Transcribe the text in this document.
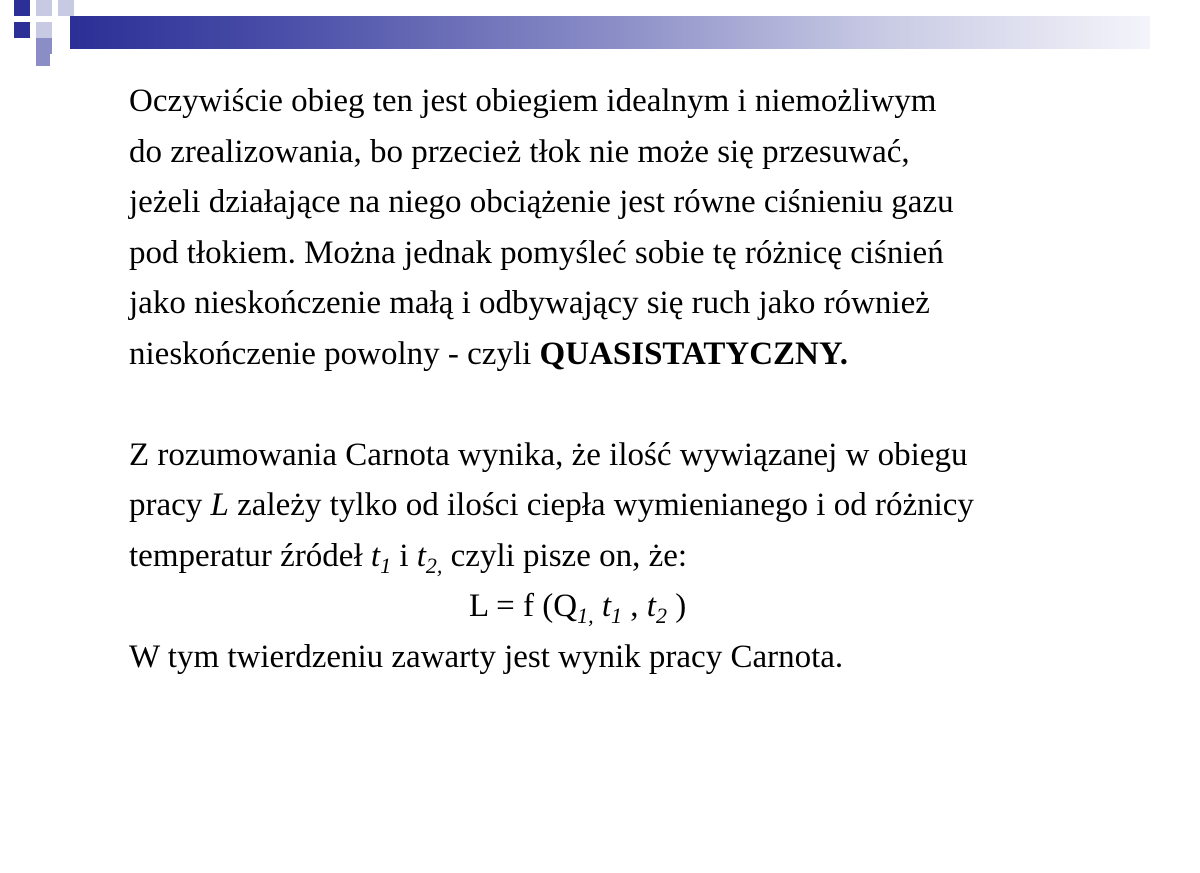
Oczywiście obieg ten jest obiegiem idealnym i niemożliwym

do zrealizowania, bo przecież tłok nie może się przesuwać,

jeżeli działające na niego obciążenie jest równe ciśnieniu gazu

pod tłokiem. Można jednak pomyśleć sobie tę różnicę ciśnień

jako nieskończenie małą i odbywający się ruch jako również

nieskończenie powolny - czyli QUASISTATYCZNY.

Z rozumowania Carnota wynika, że ilość wywiązanej w obiegu

pracy L zależy tylko od ilości ciepła wymienianego i od różnicy

temperatur źródeł $t_1$ i $t_{2,}$ czyli pisze on, że:

L = f ($Q_{1,}$ $t_1$ , $t_2$ )

W tym twierdzeniu zawarty jest wynik pracy Carnota.
